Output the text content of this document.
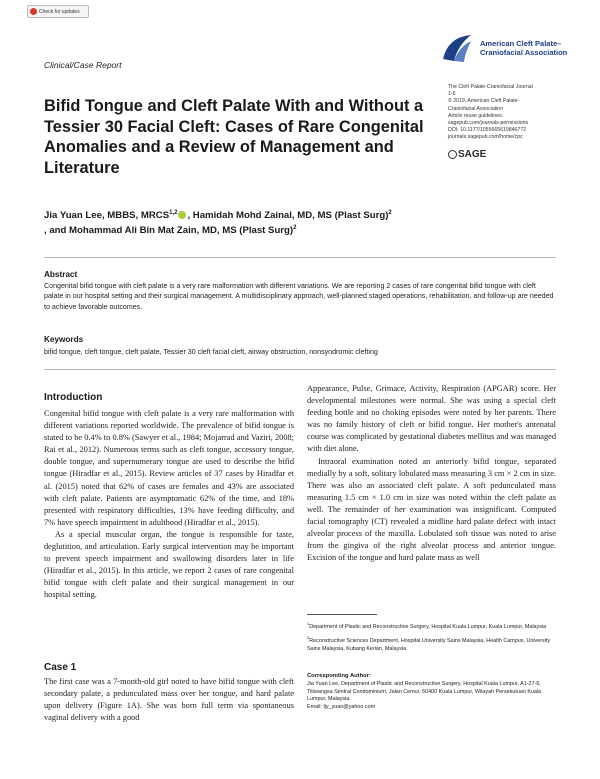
Check for updates
American Cleft Palate–
Craniofacial Association
The Cleft Palate-Craniofacial Journal
1-6
© 2019, American Cleft Palate-
Craniofacial Association
Article reuse guidelines:
sagepub.com/journals-permissions
DOI: 10.1177/1055665619846772
journals.sagepub.com/home/cpc
SAGE
Clinical/Case Report
Bifid Tongue and Cleft Palate With and Without a Tessier 30 Facial Cleft: Cases of Rare Congenital Anomalies and a Review of Management and Literature
Jia Yuan Lee, MBBS, MRCS$^{1,2}$ , Hamidah Mohd Zainal, MD, MS (Plast Surg)$^2$
, and Mohammad Ali Bin Mat Zain, MD, MS (Plast Surg)$^2$
Abstract
Congenital bifid tongue with cleft palate is a very rare malformation with different variations. We are reporting 2 cases of rare congenital bifid tongue with cleft palate in our hospital setting and their surgical management. A multidisciplinary approach, well-planned staged operations, rehabilitation, and follow-up are needed to achieve favorable outcomes.
Keywords
bifid tongue, cleft tongue, cleft palate, Tessier 30 cleft facial cleft, airway obstruction, nonsyndromic clefting
Introduction

Congenital bifid tongue with cleft palate is a very rare malformation with different variations reported worldwide. The prevalence of bifid tongue is stated to be 0.4% to 0.8% (Sawyer et al., 1984; Mojarrad and Vaziri, 2008; Rai et al., 2012). Numerous terms such as cleft tongue, accessory tongue, double tongue, and supernumerary tongue are used to describe the bifid tongue (Hiradfar et al., 2015). Review articles of 37 cases by Hiradfar et al. (2015) noted that 62% of cases are females and 43% are associated with cleft palate. Patients are asymptomatic 62% of the time, and 18% presented with respiratory difficulties, 13% have feeding difficulty, and 7% have speech impairment in adulthood (Hiradfar et al., 2015).

As a special muscular organ, the tongue is responsible for taste, deglutition, and articulation. Early surgical intervention may be important to prevent speech impairment and swallowing disorders later in life (Hiradfar et al., 2015). In this article, we report 2 cases of rare congenital bifid tongue with cleft palate and their surgical management in our hospital setting.

Case 1

The first case was a 7-month-old girl noted to have bifid tongue with cleft secondary palate, a pedunculated mass over her tongue, and hard palate upon delivery (Figure 1A). She was born full term via spontaneous vaginal delivery with a good

Appearance, Pulse, Grimace, Activity, Respiration (APGAR) score. Her developmental milestones were normal. She was using a special cleft feeding bottle and no choking episodes were noted by her parents. There was no family history of cleft or bifid tongue. Her mother's antenatal course was complicated by gestational diabetes mellitus and was managed with diet alone.

Intraoral examination noted an anteriorly bifid tongue, separated medially by a soft, solitary lobulated mass measuring 3 cm × 2 cm in size. There was also an associated cleft palate. A soft pedunculated mass measuring 1.5 cm × 1.0 cm in size was noted within the cleft palate as well. The remainder of her examination was insignificant. Computed facial tomography (CT) revealed a midline hard palate defect with intact alveolar process of the maxilla. Lobulated soft tissue was noted to arise from the gingiva of the right alveolar process and anterior tongue. Excision of the tongue and hard palate mass as well

$^1$Department of Plastic and Reconstructive Surgery, Hospital Kuala Lumpur, Kuala Lumpur, Malaysia

$^2$Reconstructive Sciences Department, Hospital University Sains Malaysia, Health Campus, University Sains Malaysia, Kubang Kerian, Malaysia

Corresponding Author:
Jia Yuan Lee, Department of Plastic and Reconstructive Surgery, Hospital Kuala Lumpur, A1-27-6, Titiwangsa Sentral Condominium, Jalan Cemur, 50400 Kuala Lumpur, Wilayah Persekutuan Kuala Lumpur, Malaysia.
Email: ljy_yuan@yahoo.com
